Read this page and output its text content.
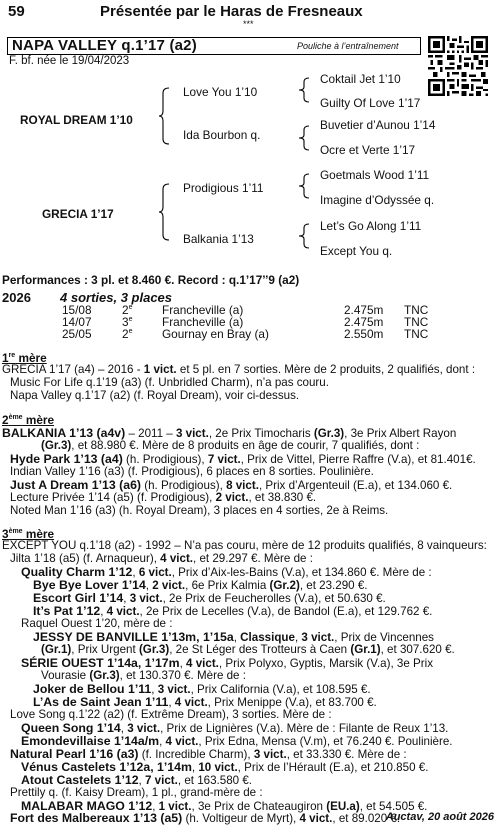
59	Présentée par le Haras de Fresneaux
***
NAPA VALLEY q.1’17 (a2)	Pouliche à l’entraînement
F. bf. née le 19/04/2023
ROYAL DREAM 1’10
GRECIA 1’17
Love You 1’10
Ida Bourbon q.
Prodigious 1’11
Balkania 1’13
Coktail Jet 1’10
Guilty Of Love 1’17
Buvetier d’Aunou 1’14
Ocre et Verte 1’17
Goetmals Wood 1’11
Imagine d’Odyssée q.
Let’s Go Along 1’11
Except You q.
Performances : 3 pl. et 8.460 €. Record : q.1’17’’9 (a2)
2026 4 sorties, 3 places
15/08	2e	Francheville (a)	2.475m TNC
14/07	3e	Francheville (a)	2.475m TNC
25/05	2e	Gournay en Bray (a)	2.550m TNC
1re mère
GRECIA 1’17 (a4) – 2016 - 1 vict. et 5 pl. en 7 sorties. Mère de 2 produits, 2 qualifiés, dont :
Music For Life q.1’19 (a3) (f. Unbridled Charm), n’a pas couru.
Napa Valley q.1’17 (a2) (f. Royal Dream), voir ci-dessus.
2ème mère
BALKANIA 1’13 (a4v) – 2011 – 3 vict., 2e Prix Timocharis (Gr.3), 3e Prix Albert Rayon
(Gr.3), et 88.980 €. Mère de 8 produits en âge de courir, 7 qualifiés, dont :
Hyde Park 1’13 (a4) (h. Prodigious), 7 vict., Prix de Vittel, Pierre Raffre (V.a), et 81.401€.
Indian Valley 1’16 (a3) (f. Prodigious), 6 places en 8 sorties. Poulinière.
Just A Dream 1’13 (a6) (h. Prodigious), 8 vict., Prix d’Argenteuil (E.a), et 134.060 €.
Lecture Privée 1’14 (a5) (f. Prodigious), 2 vict., et 38.830 €.
Noted Man 1’16 (a3) (h. Royal Dream), 3 places en 4 sorties, 2e à Reims.
3ème mère
EXCEPT YOU q.1’18 (a2) - 1992 – N’a pas couru, mère de 12 produits qualifiés, 8 vainqueurs:
Jilta 1’18 (a5) (f. Arnaqueur), 4 vict., et 29.297 €. Mère de :
Quality Charm 1’12, 6 vict., Prix d’Aix-les-Bains (V.a), et 134.860 €. Mère de :
Bye Bye Lover 1’14, 2 vict., 6e Prix Kalmia (Gr.2), et 23.290 €.
Escort Girl 1’14, 3 vict., 2e Prix de Feucherolles (V.a), et 50.630 €.
It’s Pat 1’12, 4 vict., 2e Prix de Lecelles (V.a), de Bandol (E.a), et 129.762 €.
Raquel Ouest 1’20, mère de :
JESSY DE BANVILLE 1’13m, 1’15a, Classique, 3 vict., Prix de Vincennes
(Gr.1), Prix Urgent (Gr.3), 2e St Léger des Trotteurs à Caen (Gr.1), et 307.620 €.
SÉRIE OUEST 1’14a, 1’17m, 4 vict., Prix Polyxo, Gyptis, Marsik (V.a), 3e Prix
Vourasie (Gr.3), et 130.370 €. Mère de :
Joker de Bellou 1’11, 3 vict., Prix California (V.a), et 108.595 €.
L’As de Saint Jean 1’11, 4 vict., Prix Menippe (V.a), et 83.700 €.
Love Song q.1’22 (a2) (f. Extrême Dream), 3 sorties. Mère de :
Queen Song 1’14, 3 vict., Prix de Lignières (V.a). Mère de : Filante de Reux 1’13.
Emondevillaise 1’14a/m, 4 vict., Prix Edna, Mensa (V.m), et 76.240 €. Poulinière.
Natural Pearl 1’16 (a3) (f. Incredible Charm), 3 vict., et 33.330 €. Mère de :
Vénus Castelets 1’12a, 1’14m, 10 vict., Prix de l’Hérault (E.a), et 210.850 €.
Atout Castelets 1’12, 7 vict., et 163.580 €.
Prettily q. (f. Kaisy Dream), 1 pl., grand-mère de :
MALABAR MAGO 1’12, 1 vict., 3e Prix de Chateaugiron (EU.a), et 54.505 €.
Fort des Malbereaux 1’13 (a5) (h. Voltigeur de Myrt), 4 vict., et 89.020 €.
Auctav, 20 août 2026
